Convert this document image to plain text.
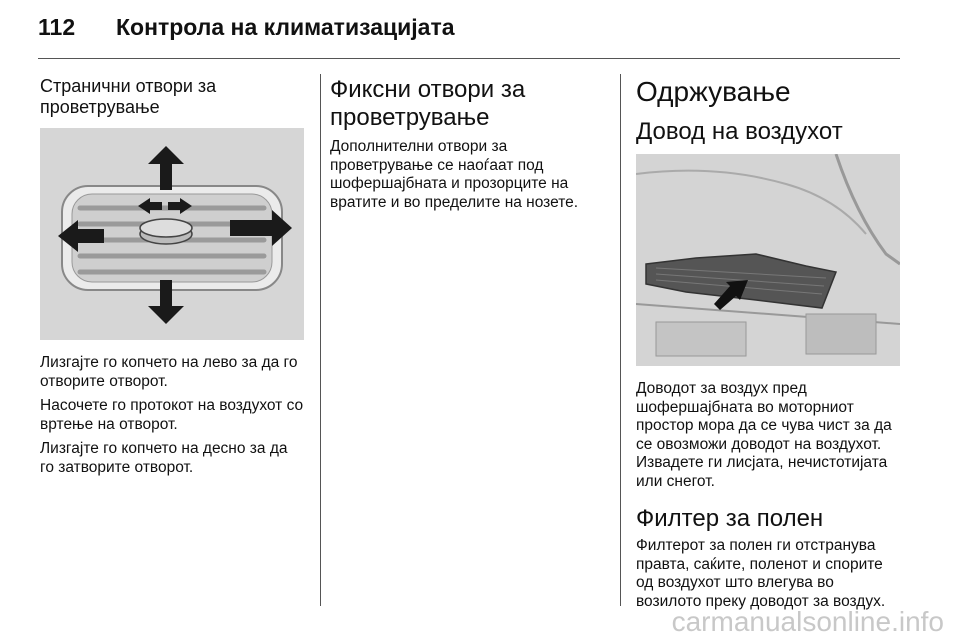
112 Контрола на климатизацијата
Странични отвори за проветрување

Лизгајте го копчето на лево за да го отворите отворот.

Насочете го протокот на воздухот со вртење на отворот.

Лизгајте го копчето на десно за да го затворите отворот.

Фиксни отвори за проветрување

Дополнителни отвори за проветрување се наоѓаат под шофершајбната и прозорците на вратите и во пределите на нозете.

Одржување
Довод на воздухот

Доводот за воздух пред шофершајбната во моторниот простор мора да се чува чист за да се овозможи доводот на воздухот. Извадете ги лисјата, нечистотијата или снегот.

Филтер за полен

Филтерот за полен ги отстранува правта, саќите, поленот и спорите од воздухот што влегува во возилото преку доводот за воздух.

carmanualsonline.info
